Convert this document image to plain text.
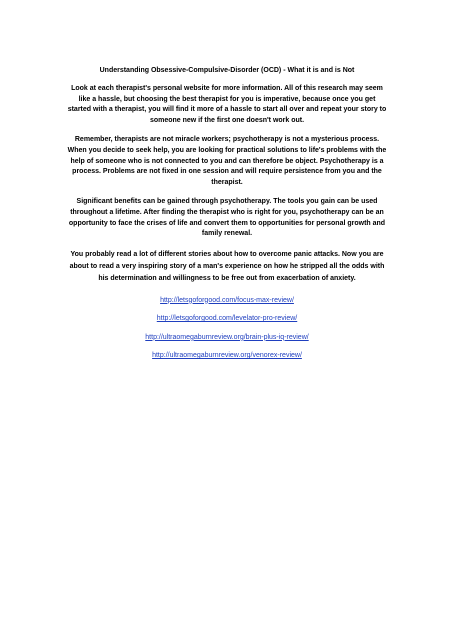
Understanding Obsessive-Compulsive-Disorder (OCD) - What it is and is Not

Look at each therapist's personal website for more information. All of this research may seem like a hassle, but choosing the best therapist for you is imperative, because once you get started with a therapist, you will find it more of a hassle to start all over and repeat your story to someone new if the first one doesn't work out.

Remember, therapists are not miracle workers; psychotherapy is not a mysterious process. When you decide to seek help, you are looking for practical solutions to life's problems with the help of someone who is not connected to you and can therefore be object. Psychotherapy is a process. Problems are not fixed in one session and will require persistence from you and the therapist.

Significant benefits can be gained through psychotherapy. The tools you gain can be used throughout a lifetime. After finding the therapist who is right for you, psychotherapy can be an opportunity to face the crises of life and convert them to opportunities for personal growth and family renewal.

You probably read a lot of different stories about how to overcome panic attacks. Now you are about to read a very inspiring story of a man's experience on how he stripped all the odds with his determination and willingness to be free out from exacerbation of anxiety.

http://letsgoforgood.com/focus-max-review/
http://letsgoforgood.com/levelator-pro-review/
http://ultraomegaburnreview.org/brain-plus-iq-review/
http://ultraomegaburnreview.org/venorex-review/
